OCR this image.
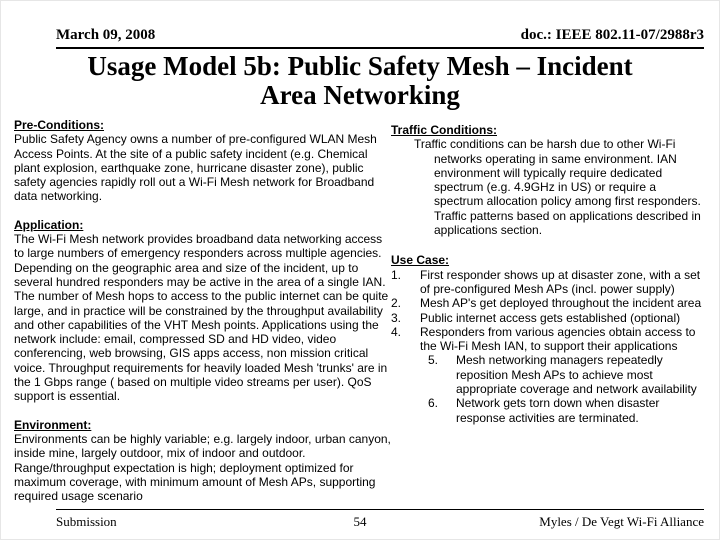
March 09, 2008	doc.: IEEE 802.11-07/2988r3
Usage Model 5b: Public Safety Mesh – Incident
Area Networking

Pre-Conditions:

Public Safety Agency owns a number of pre-configured WLAN Mesh Access Points. At the site of a public safety incident (e.g. Chemical plant explosion, earthquake zone, hurricane disaster zone), public safety agencies rapidly roll out a Wi-Fi Mesh network for Broadband data networking.

Application:

The Wi-Fi Mesh network provides broadband data networking access to large numbers of emergency responders across multiple agencies. Depending on the geographic area and size of the incident, up to several hundred responders may be active in the area of a single IAN. The number of Mesh hops to access to the public internet can be quite large, and in practice will be constrained by the throughput availability and other capabilities of the VHT Mesh points. Applications using the network include: email, compressed SD and HD video, video conferencing, web browsing, GIS apps access, non mission critical voice. Throughput requirements for heavily loaded Mesh 'trunks' are in the 1 Gbps range ( based on multiple video streams per user). QoS support is essential.

Environment:

Environments can be highly variable; e.g. largely indoor, urban canyon, inside mine, largely outdoor, mix of indoor and outdoor. Range/throughput expectation is high; deployment optimized for maximum coverage, with minimum amount of Mesh APs, supporting required usage scenario

Traffic Conditions:

Traffic conditions can be harsh due to other Wi-Fi networks operating in same environment. IAN environment will typically require dedicated spectrum (e.g. 4.9GHz in US) or require a spectrum allocation policy among first responders. Traffic patterns based on applications described in applications section.

Use Case:

1.	First responder shows up at disaster zone, with a set of pre-configured Mesh APs (incl. power supply)
2.	Mesh AP's get deployed throughout the incident area
3.	Public internet access gets established (optional)
4.	Responders from various agencies obtain access to the Wi-Fi Mesh IAN, to support their applications
5.	Mesh networking managers repeatedly reposition Mesh APs to achieve most appropriate coverage and network availability
6.	Network gets torn down when disaster response activities are terminated.
Submission	54	Myles / De Vegt Wi-Fi Alliance
